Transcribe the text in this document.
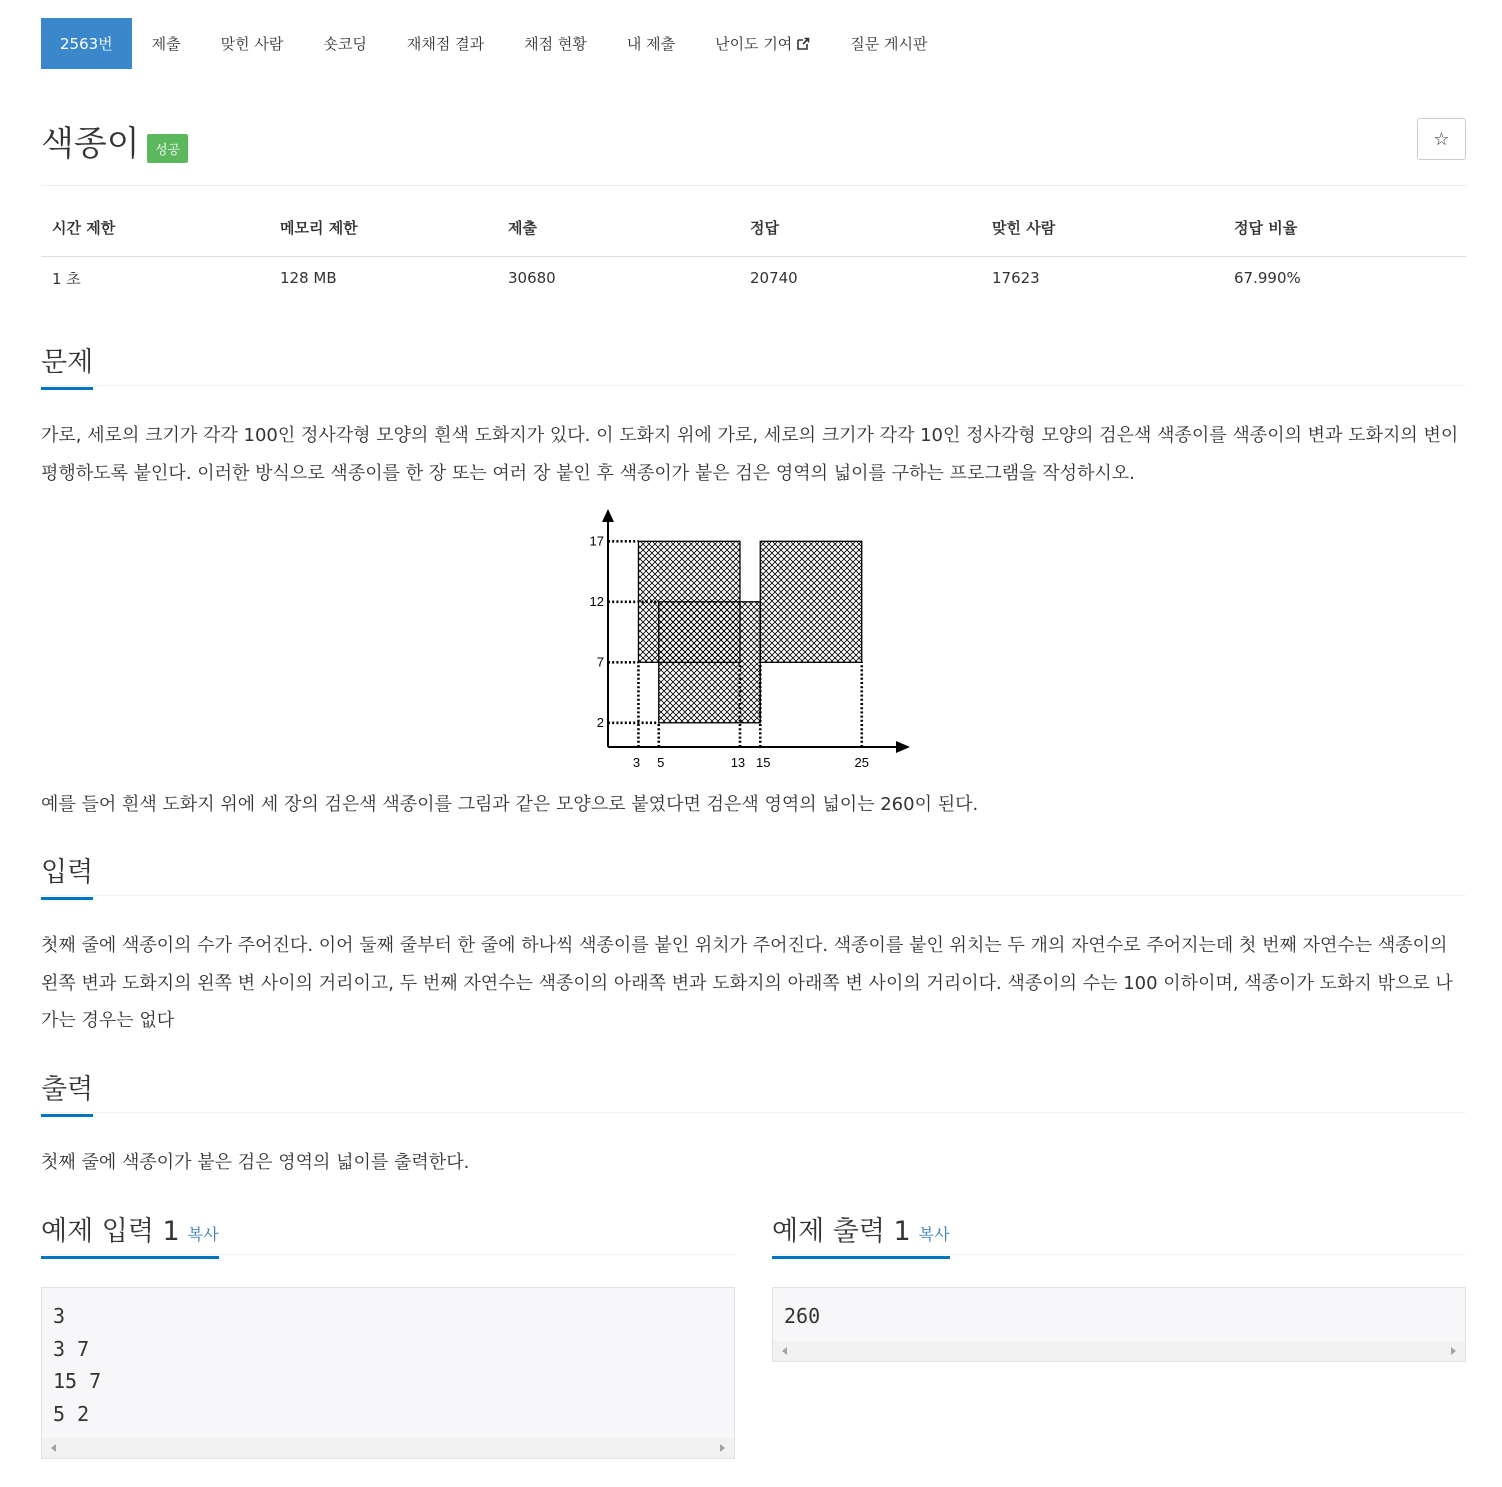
2563번	제출	맞힌 사람	숏코딩	재채점 결과	채점 현황	내 제출	난이도 기여	질문 게시판
색종이	성공
☆
시간 제한	메모리 제한	제출	정답	맞힌 사람	정답 비율
1 초	128 MB	30680	20740	17623	67.990%
문제

가로, 세로의 크기가 각각 100인 정사각형 모양의 흰색 도화지가 있다. 이 도화지 위에 가로, 세로의 크기가 각각 10인 정사각형 모양의 검은색 색종이를 색종이의 변과 도화지의 변이 평행하도록 붙인다. 이러한 방식으로 색종이를 한 장 또는 여러 장 붙인 후 색종이가 붙은 검은 영역의 넓이를 구하는 프로그램을 작성하시오.

17
12
7
2
3 5	13 15	25

예를 들어 흰색 도화지 위에 세 장의 검은색 색종이를 그림과 같은 모양으로 붙였다면 검은색 영역의 넓이는 260이 된다.

입력

첫째 줄에 색종이의 수가 주어진다. 이어 둘째 줄부터 한 줄에 하나씩 색종이를 붙인 위치가 주어진다. 색종이를 붙인 위치는 두 개의 자연수로 주어지는데 첫 번째 자연수는 색종이의 왼쪽 변과 도화지의 왼쪽 변 사이의 거리이고, 두 번째 자연수는 색종이의 아래쪽 변과 도화지의 아래쪽 변 사이의 거리이다. 색종이의 수는 100 이하이며, 색종이가 도화지 밖으로 나가는 경우는 없다

출력

첫째 줄에 색종이가 붙은 검은 영역의 넓이를 출력한다.

예제 입력 1 복사
3
3 7
15 7
5 2
예제 출력 1 복사
260
